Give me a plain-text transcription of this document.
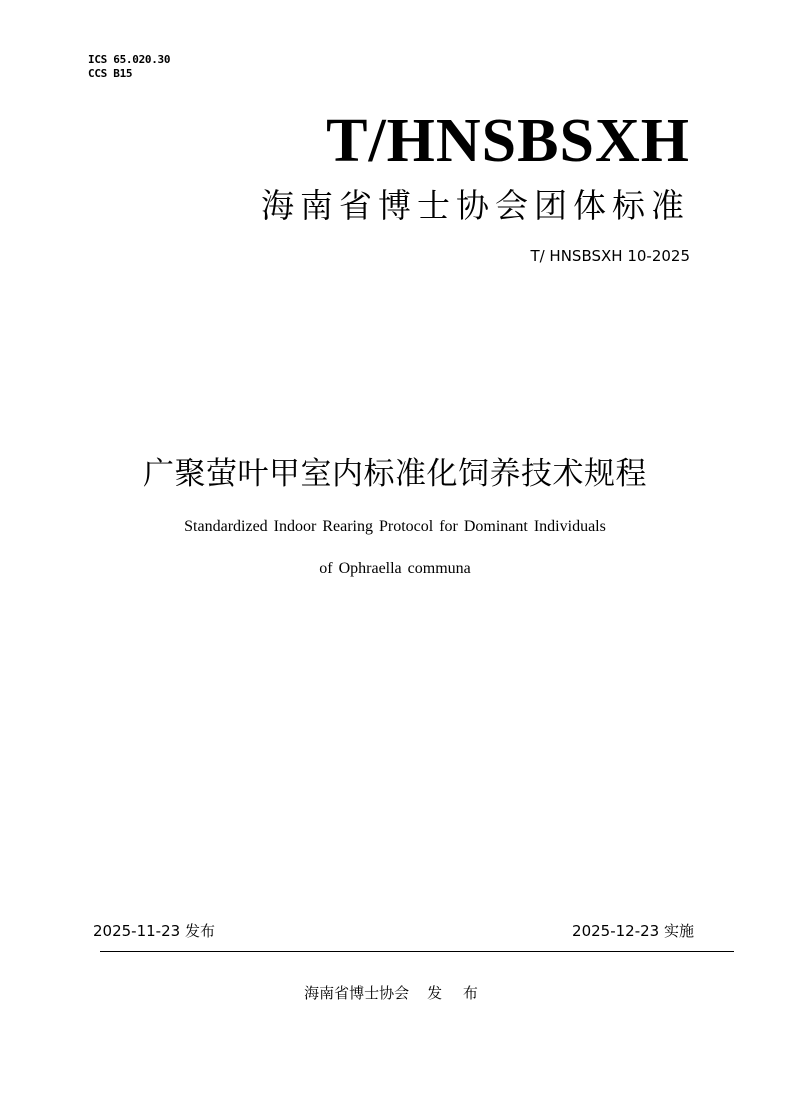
ICS 65.020.30
CCS B15
T/HNSBSXH
海南省博士协会团体标准
T/ HNSBSXH 10-2025
广聚萤叶甲室内标准化饲养技术规程
Standardized Indoor Rearing Protocol for Dominant Individuals
of Ophraella communa
2025-11-23 发布	2025-12-23 实施
海南省博士协会 发 布
